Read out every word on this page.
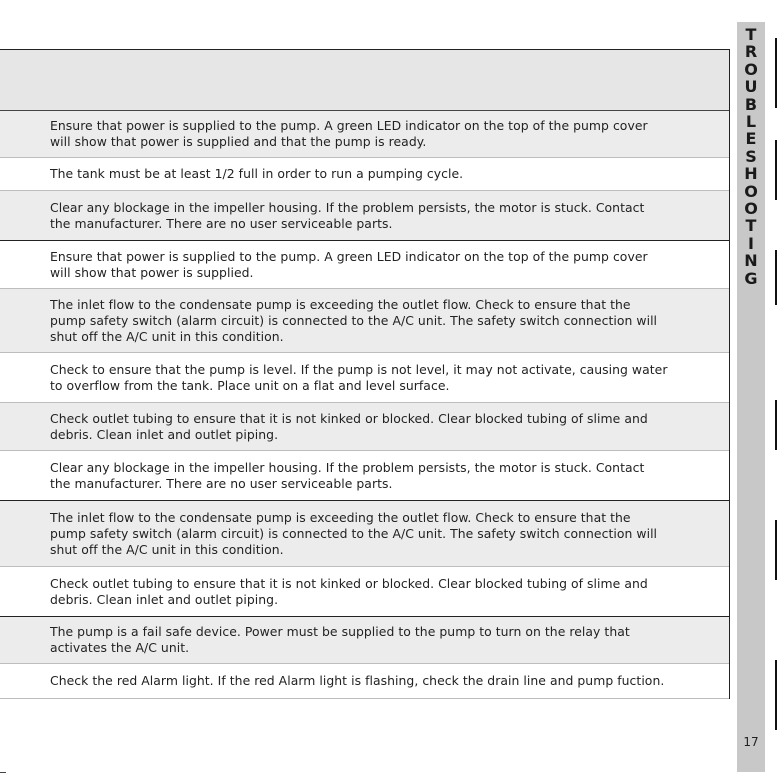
Ensure that power is supplied to the pump. A green LED indicator on the top of the pump cover
will show that power is supplied and that the pump is ready.
The tank must be at least 1/2 full in order to run a pumping cycle.
Clear any blockage in the impeller housing. If the problem persists, the motor is stuck. Contact
the manufacturer. There are no user serviceable parts.
Ensure that power is supplied to the pump. A green LED indicator on the top of the pump cover
will show that power is supplied.
The inlet flow to the condensate pump is exceeding the outlet flow. Check to ensure that the
pump safety switch (alarm circuit) is connected to the A/C unit. The safety switch connection will
shut off the A/C unit in this condition.
Check to ensure that the pump is level. If the pump is not level, it may not activate, causing water
to overflow from the tank. Place unit on a flat and level surface.
Check outlet tubing to ensure that it is not kinked or blocked. Clear blocked tubing of slime and
debris. Clean inlet and outlet piping.
Clear any blockage in the impeller housing. If the problem persists, the motor is stuck. Contact
the manufacturer. There are no user serviceable parts.
The inlet flow to the condensate pump is exceeding the outlet flow. Check to ensure that the
pump safety switch (alarm circuit) is connected to the A/C unit. The safety switch connection will
shut off the A/C unit in this condition.
Check outlet tubing to ensure that it is not kinked or blocked. Clear blocked tubing of slime and
debris. Clean inlet and outlet piping.
The pump is a fail safe device. Power must be supplied to the pump to turn on the relay that
activates the A/C unit.
Check the red Alarm light. If the red Alarm light is flashing, check the drain line and pump fuction.
T
R
O
U
B
L
E
S
H
O
O
T
I
N
G
17
